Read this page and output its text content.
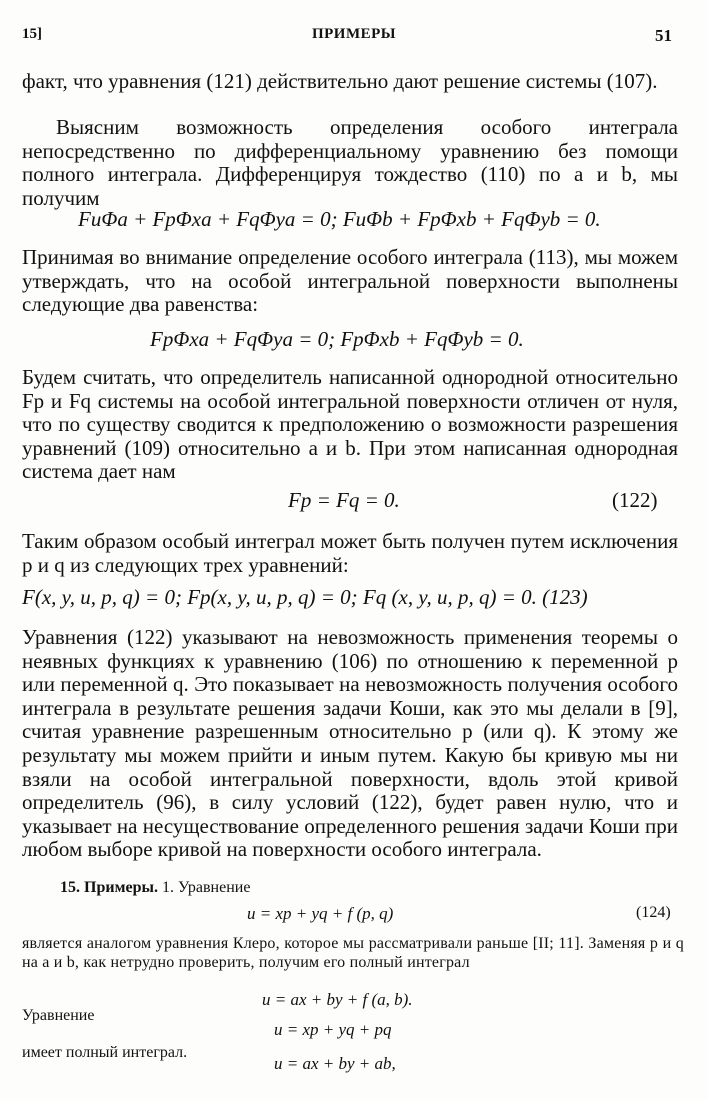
15]	ПРИМЕРЫ	51
факт, что уравнения (121) действительно дают решение системы (107).
Выясним возможность определения особого интеграла непосредственно по дифференциальному уравнению без помощи полного интеграла. Дифференцируя тождество (110) по a и b, мы получим
FuΦa + FpΦxa + FqΦya = 0; FuΦb + FpΦxb + FqΦyb = 0.
Принимая во внимание определение особого интеграла (113), мы можем утверждать, что на особой интегральной поверхности выполнены следующие два равенства:
FpΦxa + FqΦya = 0; FpΦxb + FqΦyb = 0.
Будем считать, что определитель написанной однородной относительно Fp и Fq системы на особой интегральной поверхности отличен от нуля, что по существу сводится к предположению о возможности разрешения уравнений (109) относительно a и b. При этом написанная однородная система дает нам
Fp = Fq = 0.	(122)
Таким образом особый интеграл может быть получен путем исключения p и q из следующих трех уравнений:
F(x, y, u, p, q) = 0; Fp(x, y, u, p, q) = 0; Fq (x, y, u, p, q) = 0. (123)
Уравнения (122) указывают на невозможность применения теоремы о неявных функциях к уравнению (106) по отношению к переменной p или переменной q. Это показывает на невозможность получения особого интеграла в результате решения задачи Коши, как это мы делали в [9], считая уравнение разрешенным относительно p (или q). К этому же результату мы можем прийти и иным путем. Какую бы кривую мы ни взяли на особой интегральной поверхности, вдоль этой кривой определитель (96), в силу условий (122), будет равен нулю, что и указывает на несуществование определенного решения задачи Коши при любом выборе кривой на поверхности особого интеграла.
15. Примеры. 1. Уравнение
u = xp + yq + f (p, q)	(124)
является аналогом уравнения Клеро, которое мы рассматривали раньше [II; 11]. Заменяя p и q на a и b, как нетрудно проверить, получим его полный интеграл
u = ax + by + f (a, b).
Уравнение
u = xp + yq + pq
имеет полный интеграл.
u = ax + by + ab,
